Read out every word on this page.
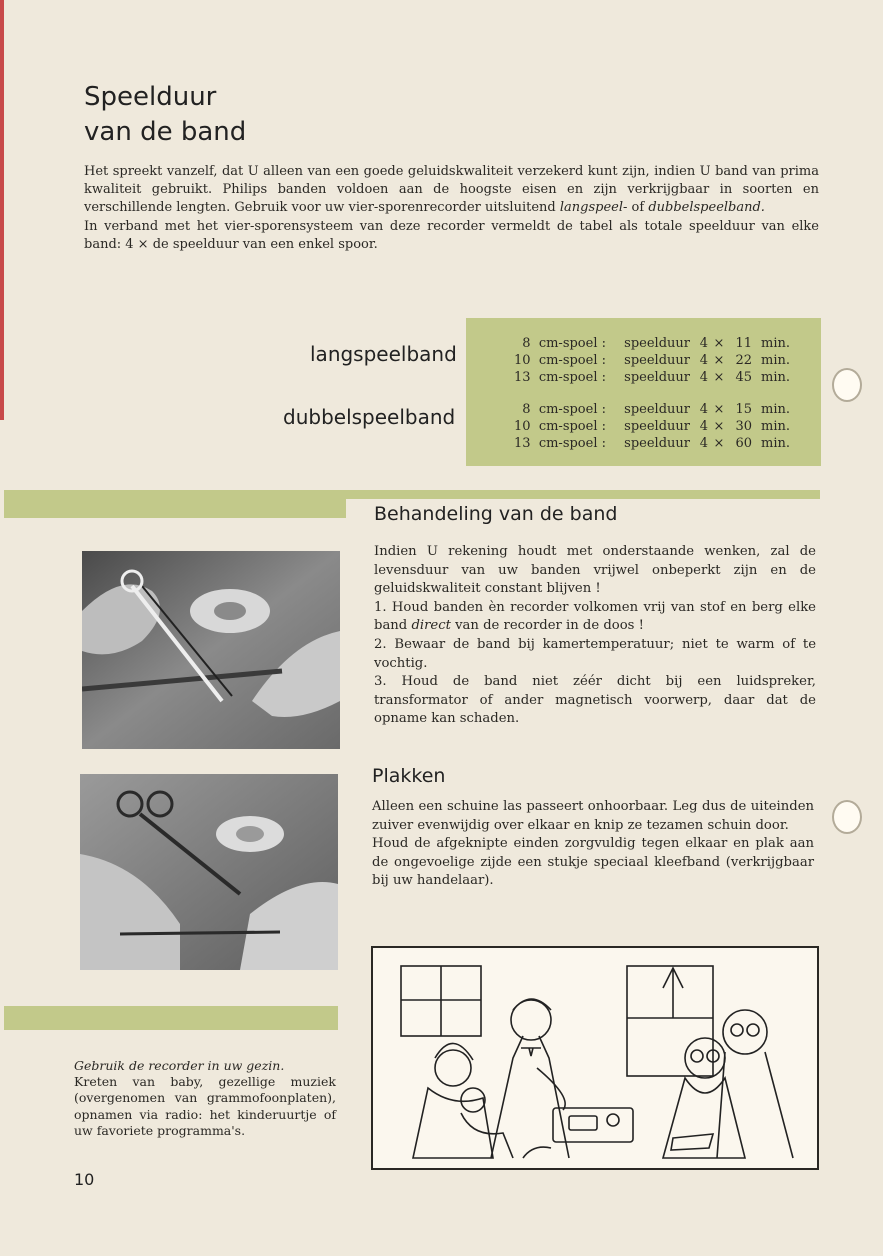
Speelduur
van de band

Het spreekt vanzelf, dat U alleen van een goede geluidskwaliteit verzekerd kunt zijn, indien U band van prima kwaliteit gebruikt. Philips banden voldoen aan de hoogste eisen en zijn verkrijgbaar in soorten en verschillende lengten. Gebruik voor uw vier-sporenrecorder uitsluitend langspeel- of dubbelspeelband.

In verband met het vier-sporensysteem van deze recorder vermeldt de tabel als totale speelduur van elke band: 4 × de speelduur van een enkel spoor.

langspeelband
dubbelspeelband
8 cm-spoel :	speelduur 4 × 11 min.
10 cm-spoel :	speelduur 4 × 22 min.
13 cm-spoel :	speelduur 4 × 45 min.
8 cm-spoel :	speelduur 4 × 15 min.
10 cm-spoel :	speelduur 4 × 30 min.
13 cm-spoel :	speelduur 4 × 60 min.
Behandeling van de band

Indien U rekening houdt met onderstaande wenken, zal de levensduur van uw banden vrijwel onbeperkt zijn en de geluidskwaliteit constant blijven !

1. Houd banden èn recorder volkomen vrij van stof en berg elke band direct van de recorder in de doos !

2. Bewaar de band bij kamertemperatuur; niet te warm of te vochtig.

3. Houd de band niet zéér dicht bij een luidspreker, transformator of ander magnetisch voorwerp, daar dat de opname kan schaden.

Plakken

Alleen een schuine las passeert onhoorbaar. Leg dus de uiteinden zuiver evenwijdig over elkaar en knip ze tezamen schuin door.

Houd de afgeknipte einden zorgvuldig tegen elkaar en plak aan de ongevoelige zijde een stukje speciaal kleefband (verkrijgbaar bij uw handelaar).

Gebruik de recorder in uw gezin.
Kreten van baby, gezellige muziek (overgenomen van grammofoonplaten), opnamen via radio: het kinderuurtje of uw favoriete programma's.
10
